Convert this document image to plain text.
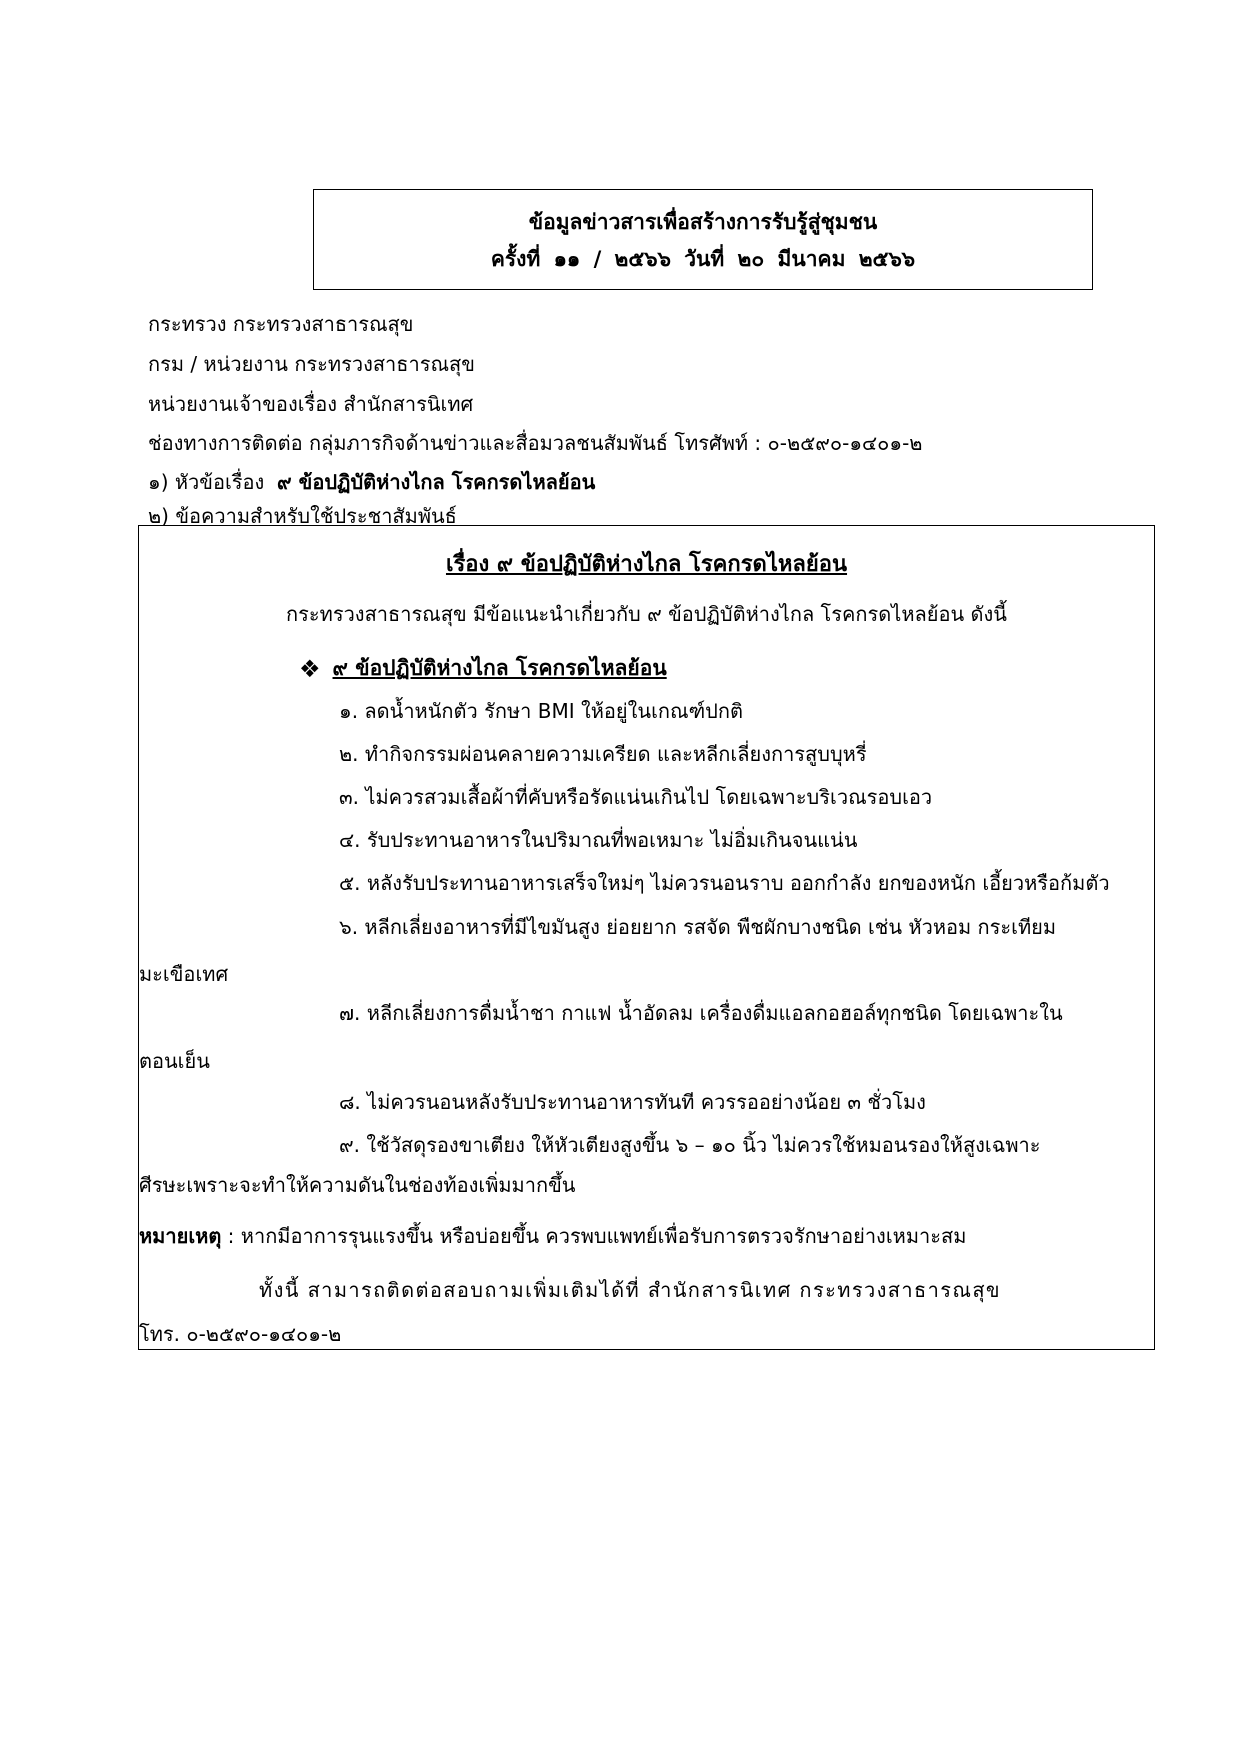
ข้อมูลข่าวสารเพื่อสร้างการรับรู้สู่ชุมชน
ครั้งที่ ๑๑ / ๒๕๖๖ วันที่ ๒๐ มีนาคม ๒๕๖๖
กระทรวง กระทรวงสาธารณสุข
กรม / หน่วยงาน กระทรวงสาธารณสุข
หน่วยงานเจ้าของเรื่อง สำนักสารนิเทศ
ช่องทางการติดต่อ กลุ่มภารกิจด้านข่าวและสื่อมวลชนสัมพันธ์ โทรศัพท์ : ๐-๒๕๙๐-๑๔๐๑-๒
๑) หัวข้อเรื่อง ๙ ข้อปฏิบัติห่างไกล โรคกรดไหลย้อน
๒) ข้อความสำหรับใช้ประชาสัมพันธ์
เรื่อง ๙ ข้อปฏิบัติห่างไกล โรคกรดไหลย้อน
กระทรวงสาธารณสุข มีข้อแนะนำเกี่ยวกับ ๙ ข้อปฏิบัติห่างไกล โรคกรดไหลย้อน ดังนี้
❖ ๙ ข้อปฏิบัติห่างไกล โรคกรดไหลย้อน
๑. ลดน้ำหนักตัว รักษา BMI ให้อยู่ในเกณฑ์ปกติ
๒. ทำกิจกรรมผ่อนคลายความเครียด และหลีกเลี่ยงการสูบบุหรี่
๓. ไม่ควรสวมเสื้อผ้าที่คับหรือรัดแน่นเกินไป โดยเฉพาะบริเวณรอบเอว
๔. รับประทานอาหารในปริมาณที่พอเหมาะ ไม่อิ่มเกินจนแน่น
๕. หลังรับประทานอาหารเสร็จใหม่ๆ ไม่ควรนอนราบ ออกกำลัง ยกของหนัก เอี้ยวหรือก้มตัว
๖. หลีกเลี่ยงอาหารที่มีไขมันสูง ย่อยยาก รสจัด พืชผักบางชนิด เช่น หัวหอม กระเทียม
มะเขือเทศ
๗. หลีกเลี่ยงการดื่มน้ำชา กาแฟ น้ำอัดลม เครื่องดื่มแอลกอฮอล์ทุกชนิด โดยเฉพาะใน
ตอนเย็น
๘. ไม่ควรนอนหลังรับประทานอาหารทันที ควรรออย่างน้อย ๓ ชั่วโมง
๙. ใช้วัสดุรองขาเตียง ให้หัวเตียงสูงขึ้น ๖ – ๑๐ นิ้ว ไม่ควรใช้หมอนรองให้สูงเฉพาะ
ศีรษะเพราะจะทำให้ความดันในช่องท้องเพิ่มมากขึ้น
หมายเหตุ : หากมีอาการรุนแรงขึ้น หรือบ่อยขึ้น ควรพบแพทย์เพื่อรับการตรวจรักษาอย่างเหมาะสม
ทั้งนี้ สามารถติดต่อสอบถามเพิ่มเติมได้ที่ สำนักสารนิเทศ กระทรวงสาธารณสุข
โทร. ๐-๒๕๙๐-๑๔๐๑-๒
